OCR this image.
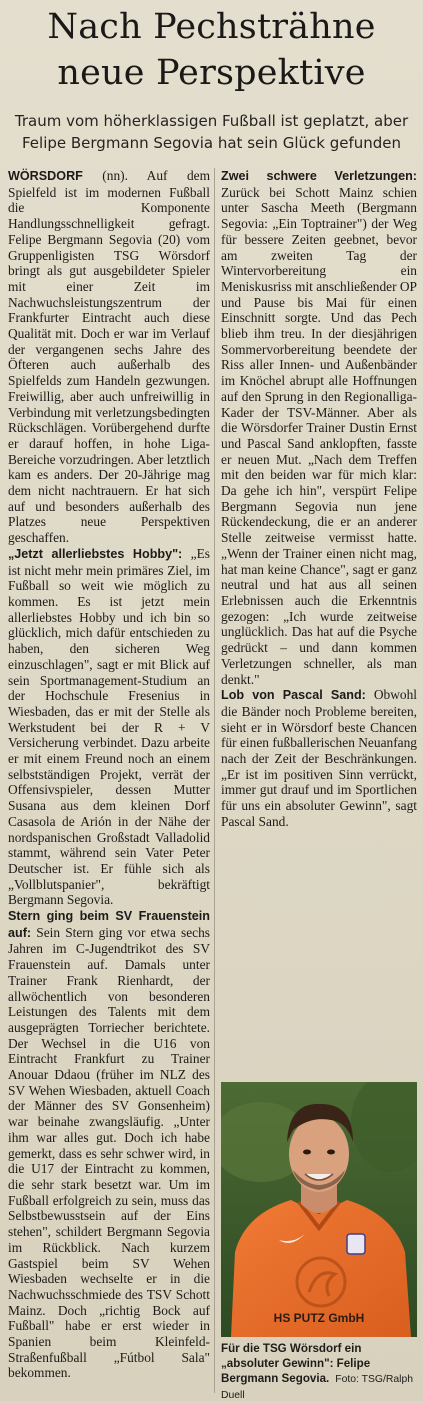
Nach Pechsträhne
neue Perspektive
Traum vom höherklassigen Fußball ist geplatzt, aber Felipe Bergmann Segovia hat sein Glück gefunden

WÖRSDORF (nn). Auf dem Spielfeld ist im modernen Fußball die Komponente Handlungsschnelligkeit gefragt. Felipe Bergmann Segovia (20) vom Gruppenligisten TSG Wörsdorf bringt als gut ausgebildeter Spieler mit einer Zeit im Nachwuchsleistungszentrum der Frankfurter Eintracht auch diese Qualität mit. Doch er war im Verlauf der vergangenen sechs Jahre des Öfteren auch außerhalb des Spielfelds zum Handeln gezwungen. Freiwillig, aber auch unfreiwillig in Verbindung mit verletzungsbedingten Rückschlägen. Vorübergehend durfte er darauf hoffen, in hohe Liga-Bereiche vorzudringen. Aber letztlich kam es anders. Der 20-Jährige mag dem nicht nachtrauern. Er hat sich auf und besonders außerhalb des Platzes neue Perspektiven geschaffen.

„Jetzt allerliebstes Hobby": „Es ist nicht mehr mein primäres Ziel, im Fußball so weit wie möglich zu kommen. Es ist jetzt mein allerliebstes Hobby und ich bin so glücklich, mich dafür entschieden zu haben, den sicheren Weg einzuschlagen", sagt er mit Blick auf sein Sportmanagement-Studium an der Hochschule Fresenius in Wiesbaden, das er mit der Stelle als Werkstudent bei der R + V Versicherung verbindet. Dazu arbeite er mit einem Freund noch an einem selbstständigen Projekt, verrät der Offensivspieler, dessen Mutter Susana aus dem kleinen Dorf Casasola de Arión in der Nähe der nordspanischen Großstadt Valladolid stammt, während sein Vater Peter Deutscher ist. Er fühle sich als „Vollblutspanier", bekräftigt Bergmann Segovia.

Stern ging beim SV Frauenstein auf: Sein Stern ging vor etwa sechs Jahren im C-Jugendtrikot des SV Frauenstein auf. Damals unter Trainer Frank Rienhardt, der allwöchentlich von besonderen Leistungen des Talents mit dem ausgeprägten Torriecher berichtete. Der Wechsel in die U16 von Eintracht Frankfurt zu Trainer Anouar Ddaou (früher im NLZ des SV Wehen Wiesbaden, aktuell Coach der Männer des SV Gonsenheim) war beinahe zwangsläufig. „Unter ihm war alles gut. Doch ich habe gemerkt, dass es sehr schwer wird, in die U17 der Eintracht zu kommen, die sehr stark besetzt war. Um im Fußball erfolgreich zu sein, muss das Selbstbewusstsein auf der Eins stehen", schildert Bergmann Segovia im Rückblick. Nach kurzem Gastspiel beim SV Wehen Wiesbaden wechselte er in die Nachwuchsschmiede des TSV Schott Mainz. Doch „richtig Bock auf Fußball" habe er erst wieder in Spanien beim Kleinfeld-Straßenfußball „Fútbol Sala" bekommen.

Zwei schwere Verletzungen: Zurück bei Schott Mainz schien unter Sascha Meeth (Bergmann Segovia: „Ein Toptrainer") der Weg für bessere Zeiten geebnet, bevor am zweiten Tag der Wintervorbereitung ein Meniskusriss mit anschließender OP und Pause bis Mai für einen Einschnitt sorgte. Und das Pech blieb ihm treu. In der diesjährigen Sommervorbereitung beendete der Riss aller Innen- und Außenbänder im Knöchel abrupt alle Hoffnungen auf den Sprung in den Regionalliga-Kader der TSV-Männer. Aber als die Wörsdorfer Trainer Dustin Ernst und Pascal Sand anklopften, fasste er neuen Mut. „Nach dem Treffen mit den beiden war für mich klar: Da gehe ich hin", verspürt Felipe Bergmann Segovia nun jene Rückendeckung, die er an anderer Stelle zeitweise vermisst hatte. „Wenn der Trainer einen nicht mag, hat man keine Chance", sagt er ganz neutral und hat aus all seinen Erlebnissen auch die Erkenntnis gezogen: „Ich wurde zeitweise unglücklich. Das hat auf die Psyche gedrückt – und dann kommen Verletzungen schneller, als man denkt."

Lob von Pascal Sand: Obwohl die Bänder noch Probleme bereiten, sieht er in Wörsdorf beste Chancen für einen fußballerischen Neuanfang nach der Zeit der Beschränkungen. „Er ist im positiven Sinn verrückt, immer gut drauf und im Sportlichen für uns ein absoluter Gewinn", sagt Pascal Sand.

HS PUTZ GmbH
Für die TSG Wörsdorf ein „absoluter Gewinn": Felipe Bergmann Segovia. Foto: TSG/Ralph Duell
